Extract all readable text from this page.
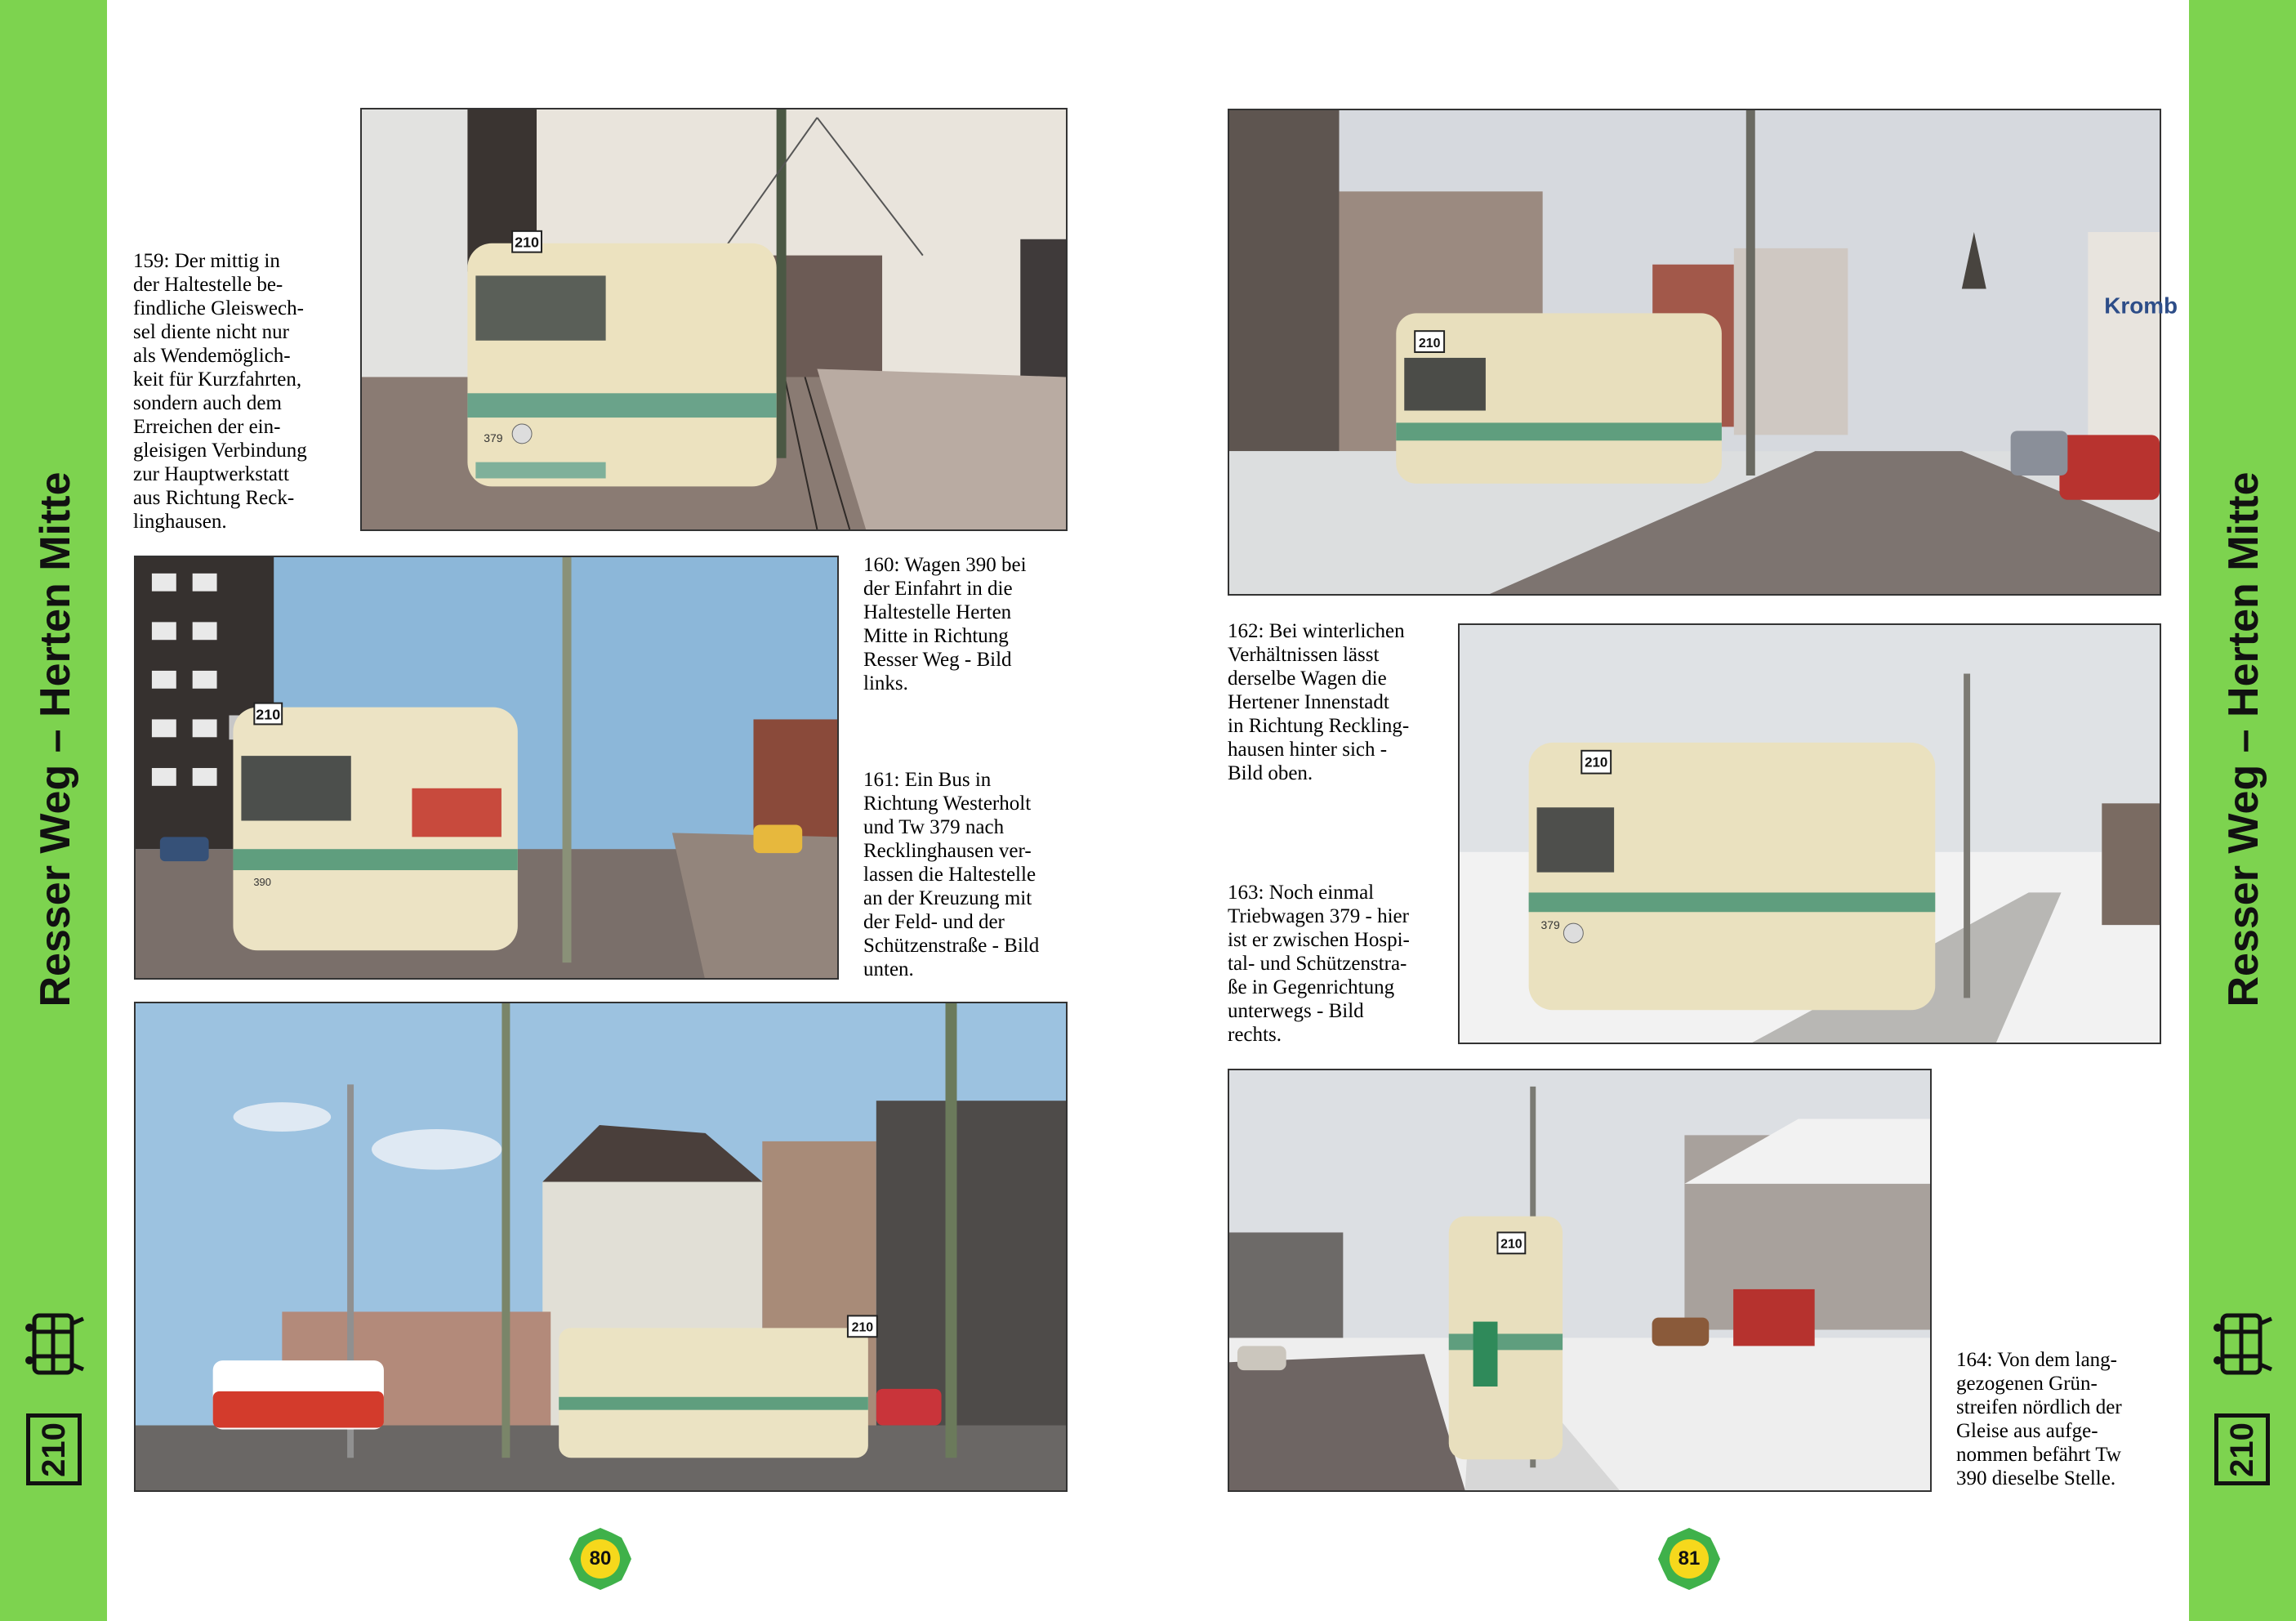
Resser Weg – Herten Mitte	Resser Weg – Herten Mitte
210	210
159: Der mittig in
der Haltestelle be-
findliche Gleiswech-
sel diente nicht nur
als Wendemöglich-
keit für Kurzfahrten,
sondern auch dem
Erreichen der ein-
gleisigen Verbindung
zur Hauptwerkstatt
aus Richtung Reck-
linghausen.
210
379
210
390
160: Wagen 390 bei
der Einfahrt in die
Haltestelle Herten
Mitte in Richtung
Resser Weg - Bild
links.
161: Ein Bus in
Richtung Westerholt
und Tw 379 nach
Recklinghausen ver-
lassen die Haltestelle
an der Kreuzung mit
der Feld- und der
Schützenstraße - Bild
unten.
210
80
Kromb
210
162: Bei winterlichen
Verhältnissen lässt
derselbe Wagen die
Hertener Innenstadt
in Richtung Reckling-
hausen hinter sich -
Bild oben.
163: Noch einmal
Triebwagen 379 - hier
ist er zwischen Hospi-
tal- und Schützenstra-
ße in Gegenrichtung
unterwegs - Bild
rechts.
210
379
210
164: Von dem lang-
gezogenen Grün-
streifen nördlich der
Gleise aus aufge-
nommen befährt Tw
390 dieselbe Stelle.
81
